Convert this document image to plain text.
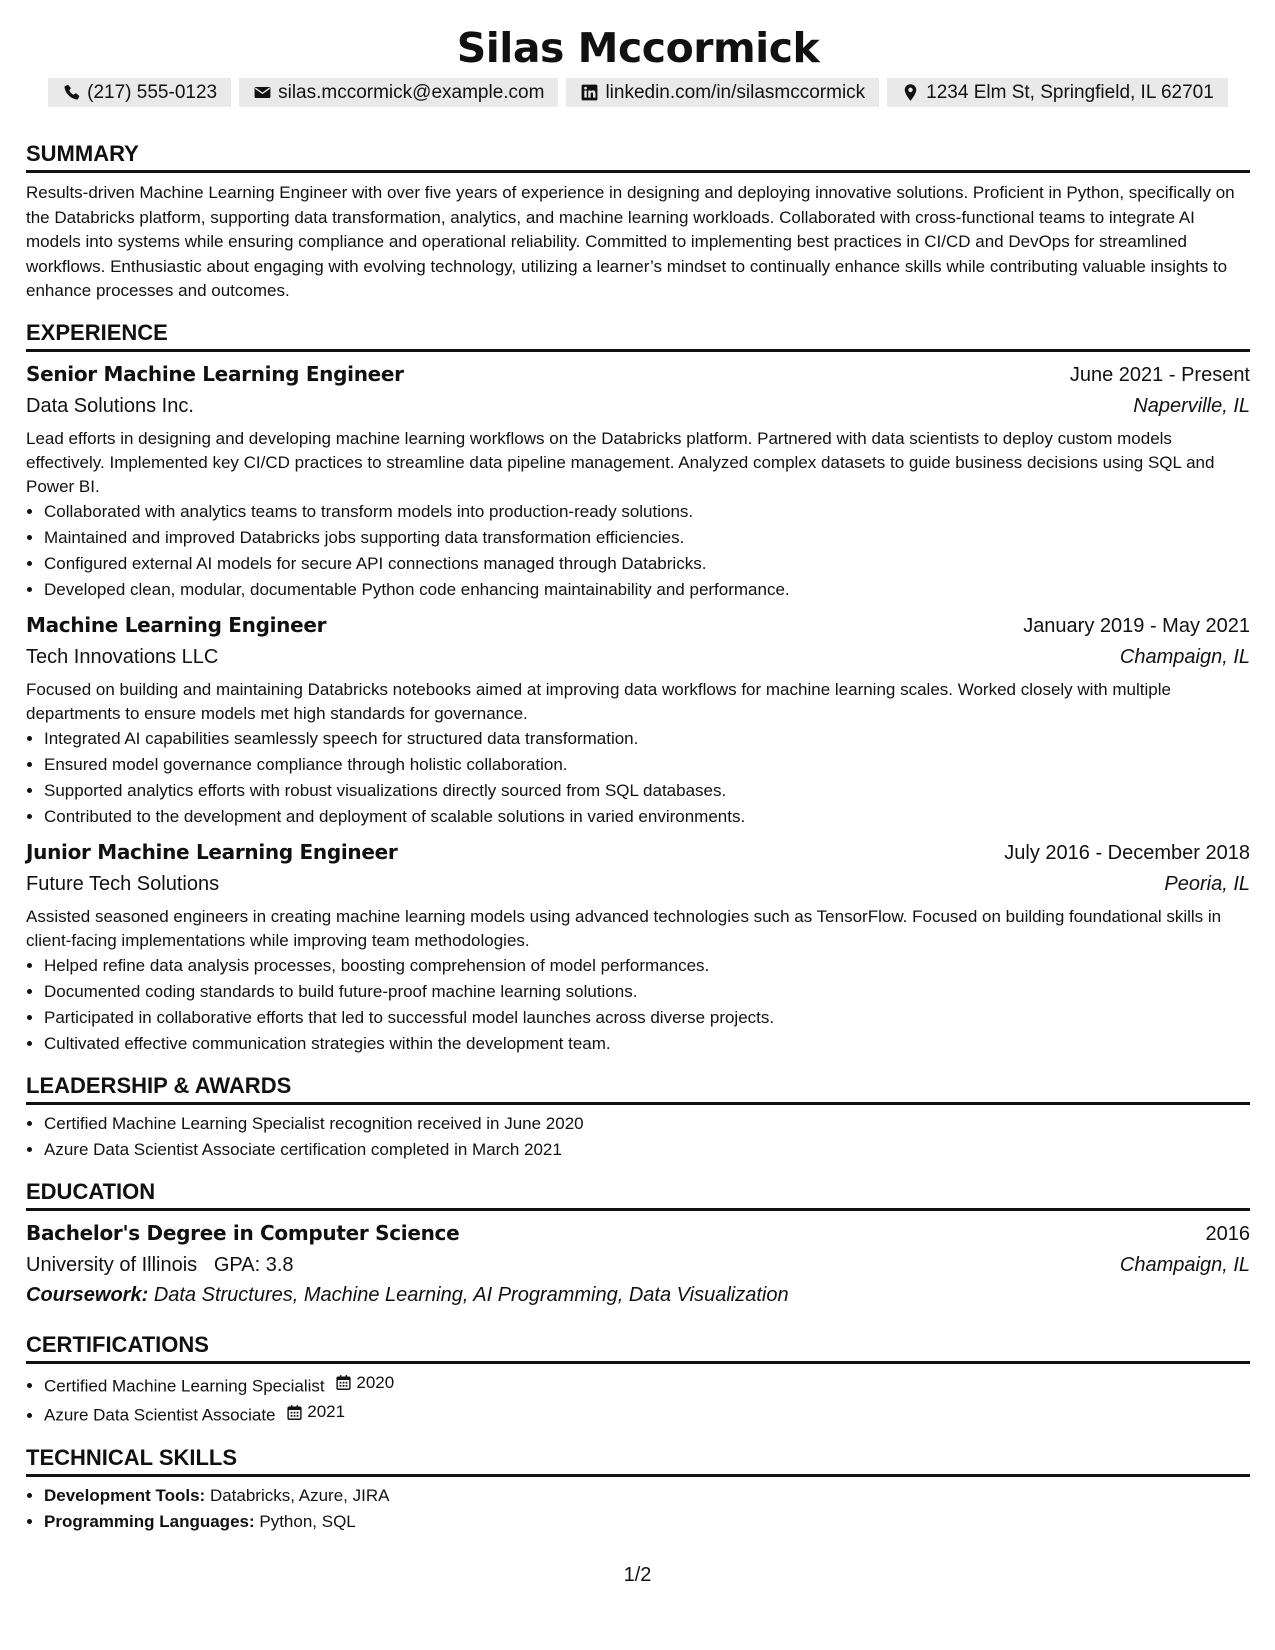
Silas Mccormick
(217) 555-0123	silas.mccormick@example.com	linkedin.com/in/silasmccormick	1234 Elm St, Springfield, IL 62701
SUMMARY

Results-driven Machine Learning Engineer with over five years of experience in designing and deploying innovative solutions. Proficient in Python, specifically on the Databricks platform, supporting data transformation, analytics, and machine learning workloads. Collaborated with cross-functional teams to integrate AI models into systems while ensuring compliance and operational reliability. Committed to implementing best practices in CI/CD and DevOps for streamlined workflows. Enthusiastic about engaging with evolving technology, utilizing a learner’s mindset to continually enhance skills while contributing valuable insights to enhance processes and outcomes.

EXPERIENCE
Senior Machine Learning Engineer	June 2021 - Present
Data Solutions Inc.	Naperville, IL

Lead efforts in designing and developing machine learning workflows on the Databricks platform. Partnered with data scientists to deploy custom models effectively. Implemented key CI/CD practices to streamline data pipeline management. Analyzed complex datasets to guide business decisions using SQL and Power BI.

• Collaborated with analytics teams to transform models into production-ready solutions.
• Maintained and improved Databricks jobs supporting data transformation efficiencies.
• Configured external AI models for secure API connections managed through Databricks.
• Developed clean, modular, documentable Python code enhancing maintainability and performance.
Machine Learning Engineer	January 2019 - May 2021
Tech Innovations LLC	Champaign, IL

Focused on building and maintaining Databricks notebooks aimed at improving data workflows for machine learning scales. Worked closely with multiple departments to ensure models met high standards for governance.

• Integrated AI capabilities seamlessly speech for structured data transformation.
• Ensured model governance compliance through holistic collaboration.
• Supported analytics efforts with robust visualizations directly sourced from SQL databases.
• Contributed to the development and deployment of scalable solutions in varied environments.
Junior Machine Learning Engineer	July 2016 - December 2018
Future Tech Solutions	Peoria, IL

Assisted seasoned engineers in creating machine learning models using advanced technologies such as TensorFlow. Focused on building foundational skills in client-facing implementations while improving team methodologies.

• Helped refine data analysis processes, boosting comprehension of model performances.
• Documented coding standards to build future-proof machine learning solutions.
• Participated in collaborative efforts that led to successful model launches across diverse projects.
• Cultivated effective communication strategies within the development team.
LEADERSHIP & AWARDS
• Certified Machine Learning Specialist recognition received in June 2020
• Azure Data Scientist Associate certification completed in March 2021
EDUCATION
Bachelor's Degree in Computer Science	2016
University of Illinois GPA: 3.8	Champaign, IL
Coursework: Data Structures, Machine Learning, AI Programming, Data Visualization
CERTIFICATIONS
• Certified Machine Learning Specialist 2020
• Azure Data Scientist Associate 2021
TECHNICAL SKILLS
• Development Tools: Databricks, Azure, JIRA
• Programming Languages: Python, SQL
1/2
